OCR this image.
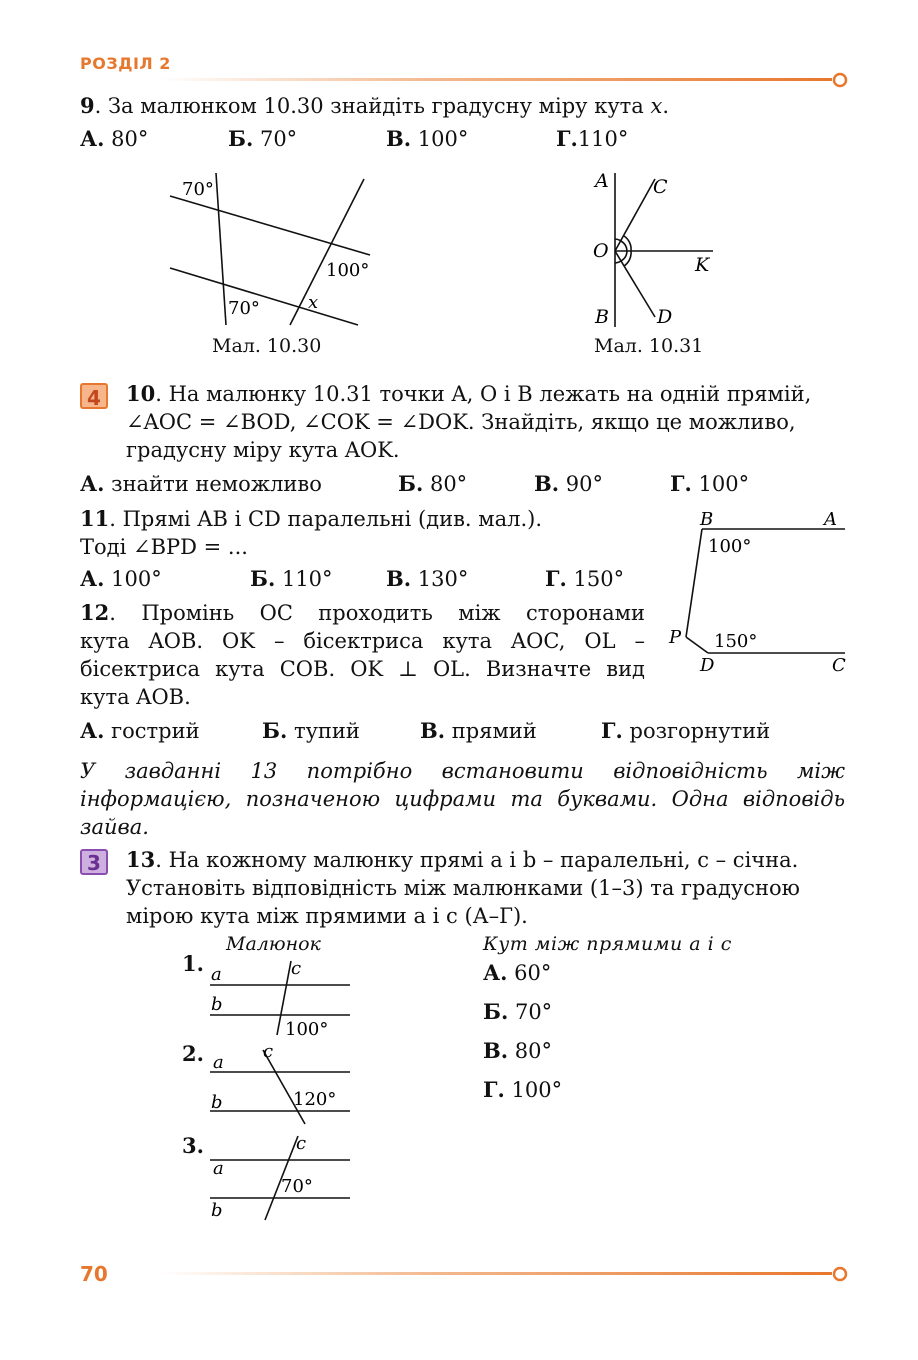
РОЗДІЛ 2
9. За малюнком 10.30 знайдіть градусну міру кута x.
А. 80°	Б. 70°	В. 100°	Г.110°
70°
100°
70°	x
Мал. 10.30
A C
O
K
B	D
Мал. 10.31
4	10. На малюнку 10.31 точки A, O і B лежать на одній прямій,
∠AOC = ∠BOD, ∠COK = ∠DOK. Знайдіть, якщо це можливо,
градусну міру кута AOK.
А. знайти неможливо	Б. 80°	В. 90°	Г. 100°
11. Прямі AB і CD паралельні (див. мал.).
Тоді ∠BPD = ...
А. 100°	Б. 110°	В. 130°	Г. 150°
B	A
100°
P 150°
D	C
12. Промінь OC проходить між сторонами
кута AOB. OK – бісектриса кута AOC, OL –
бісектриса кута COB. OK ⊥ OL. Визначте вид
кута AOB.
А. гострий	Б. тупий	В. прямий	Г. розгорнутий
У завданні 13 потрібно встановити відповідність між
інформацією, позначеною цифрами та буквами. Одна відповідь
зайва.
3	13. На кожному малюнку прямі a і b – паралельні, c – січна.
Установіть відповідність між малюнками (1–3) та градусною
мірою кута між прямими a і c (А–Г).
Малюнок	Кут між прямими a і c
1. a
b
c
100°
2. a
b
c
120°
3.
a
b
c
70°
А. 60°
Б. 70°
В. 80°
Г. 100°
70
